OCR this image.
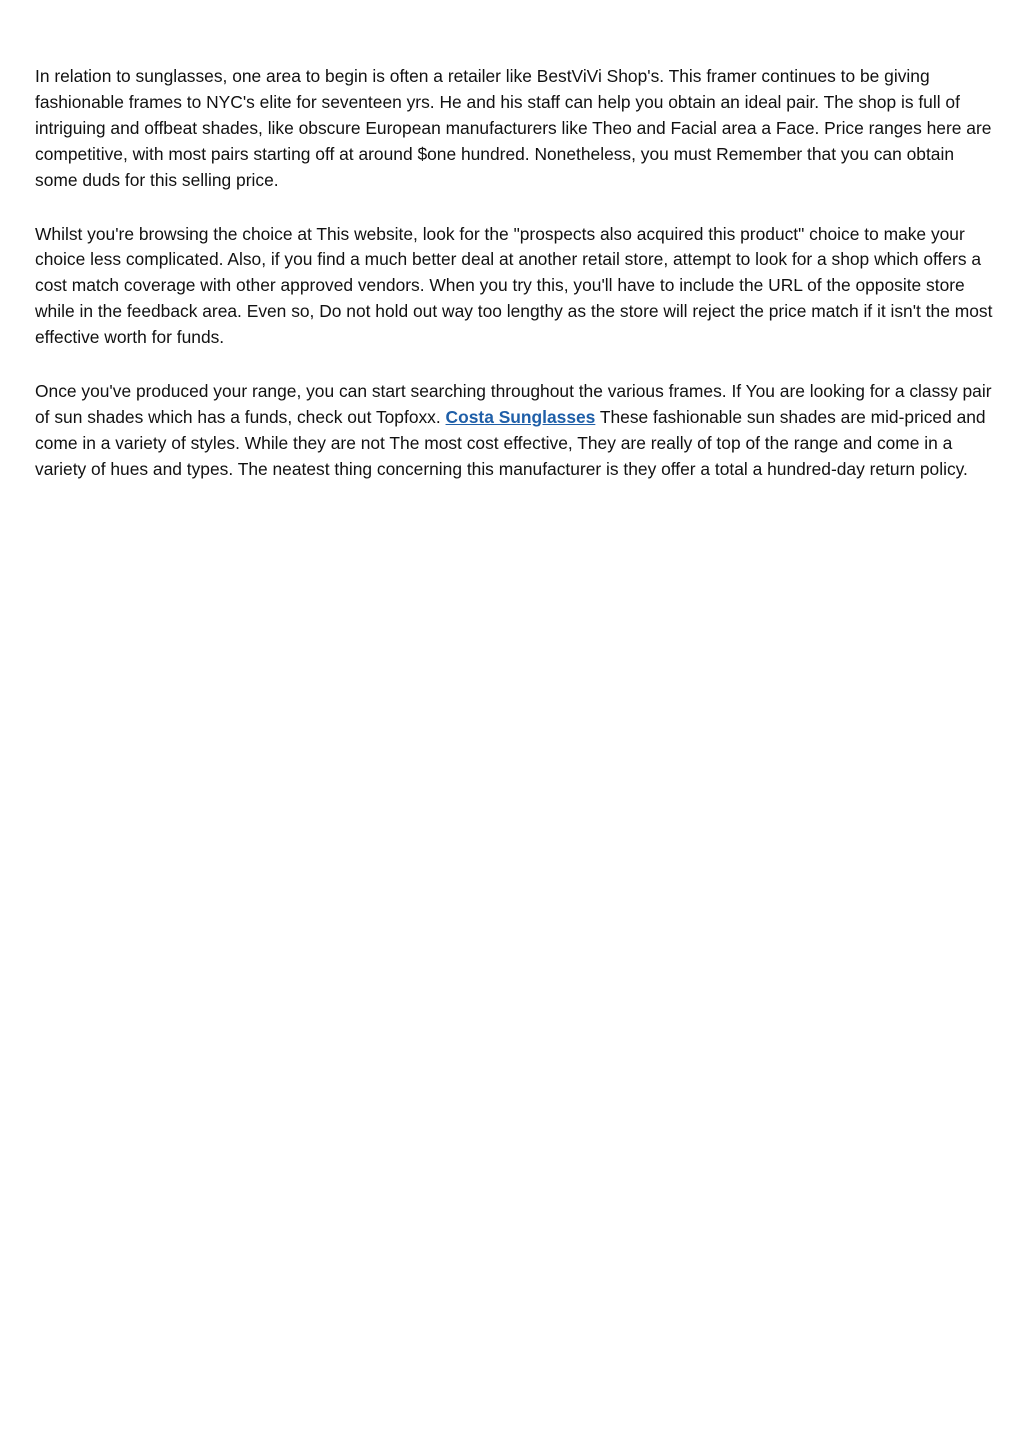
In relation to sunglasses, one area to begin is often a retailer like BestViVi Shop's. This framer continues to be giving fashionable frames to NYC's elite for seventeen yrs. He and his staff can help you obtain an ideal pair. The shop is full of intriguing and offbeat shades, like obscure European manufacturers like Theo and Facial area a Face. Price ranges here are competitive, with most pairs starting off at around $one hundred. Nonetheless, you must Remember that you can obtain some duds for this selling price.

Whilst you're browsing the choice at This website, look for the "prospects also acquired this product" choice to make your choice less complicated. Also, if you find a much better deal at another retail store, attempt to look for a shop which offers a cost match coverage with other approved vendors. When you try this, you'll have to include the URL of the opposite store while in the feedback area. Even so, Do not hold out way too lengthy as the store will reject the price match if it isn't the most effective worth for funds.

Once you've produced your range, you can start searching throughout the various frames. If You are looking for a classy pair of sun shades which has a funds, check out Topfoxx. Costa Sunglasses These fashionable sun shades are mid-priced and come in a variety of styles. While they are not The most cost effective, They are really of top of the range and come in a variety of hues and types. The neatest thing concerning this manufacturer is they offer a total a hundred-day return policy.
